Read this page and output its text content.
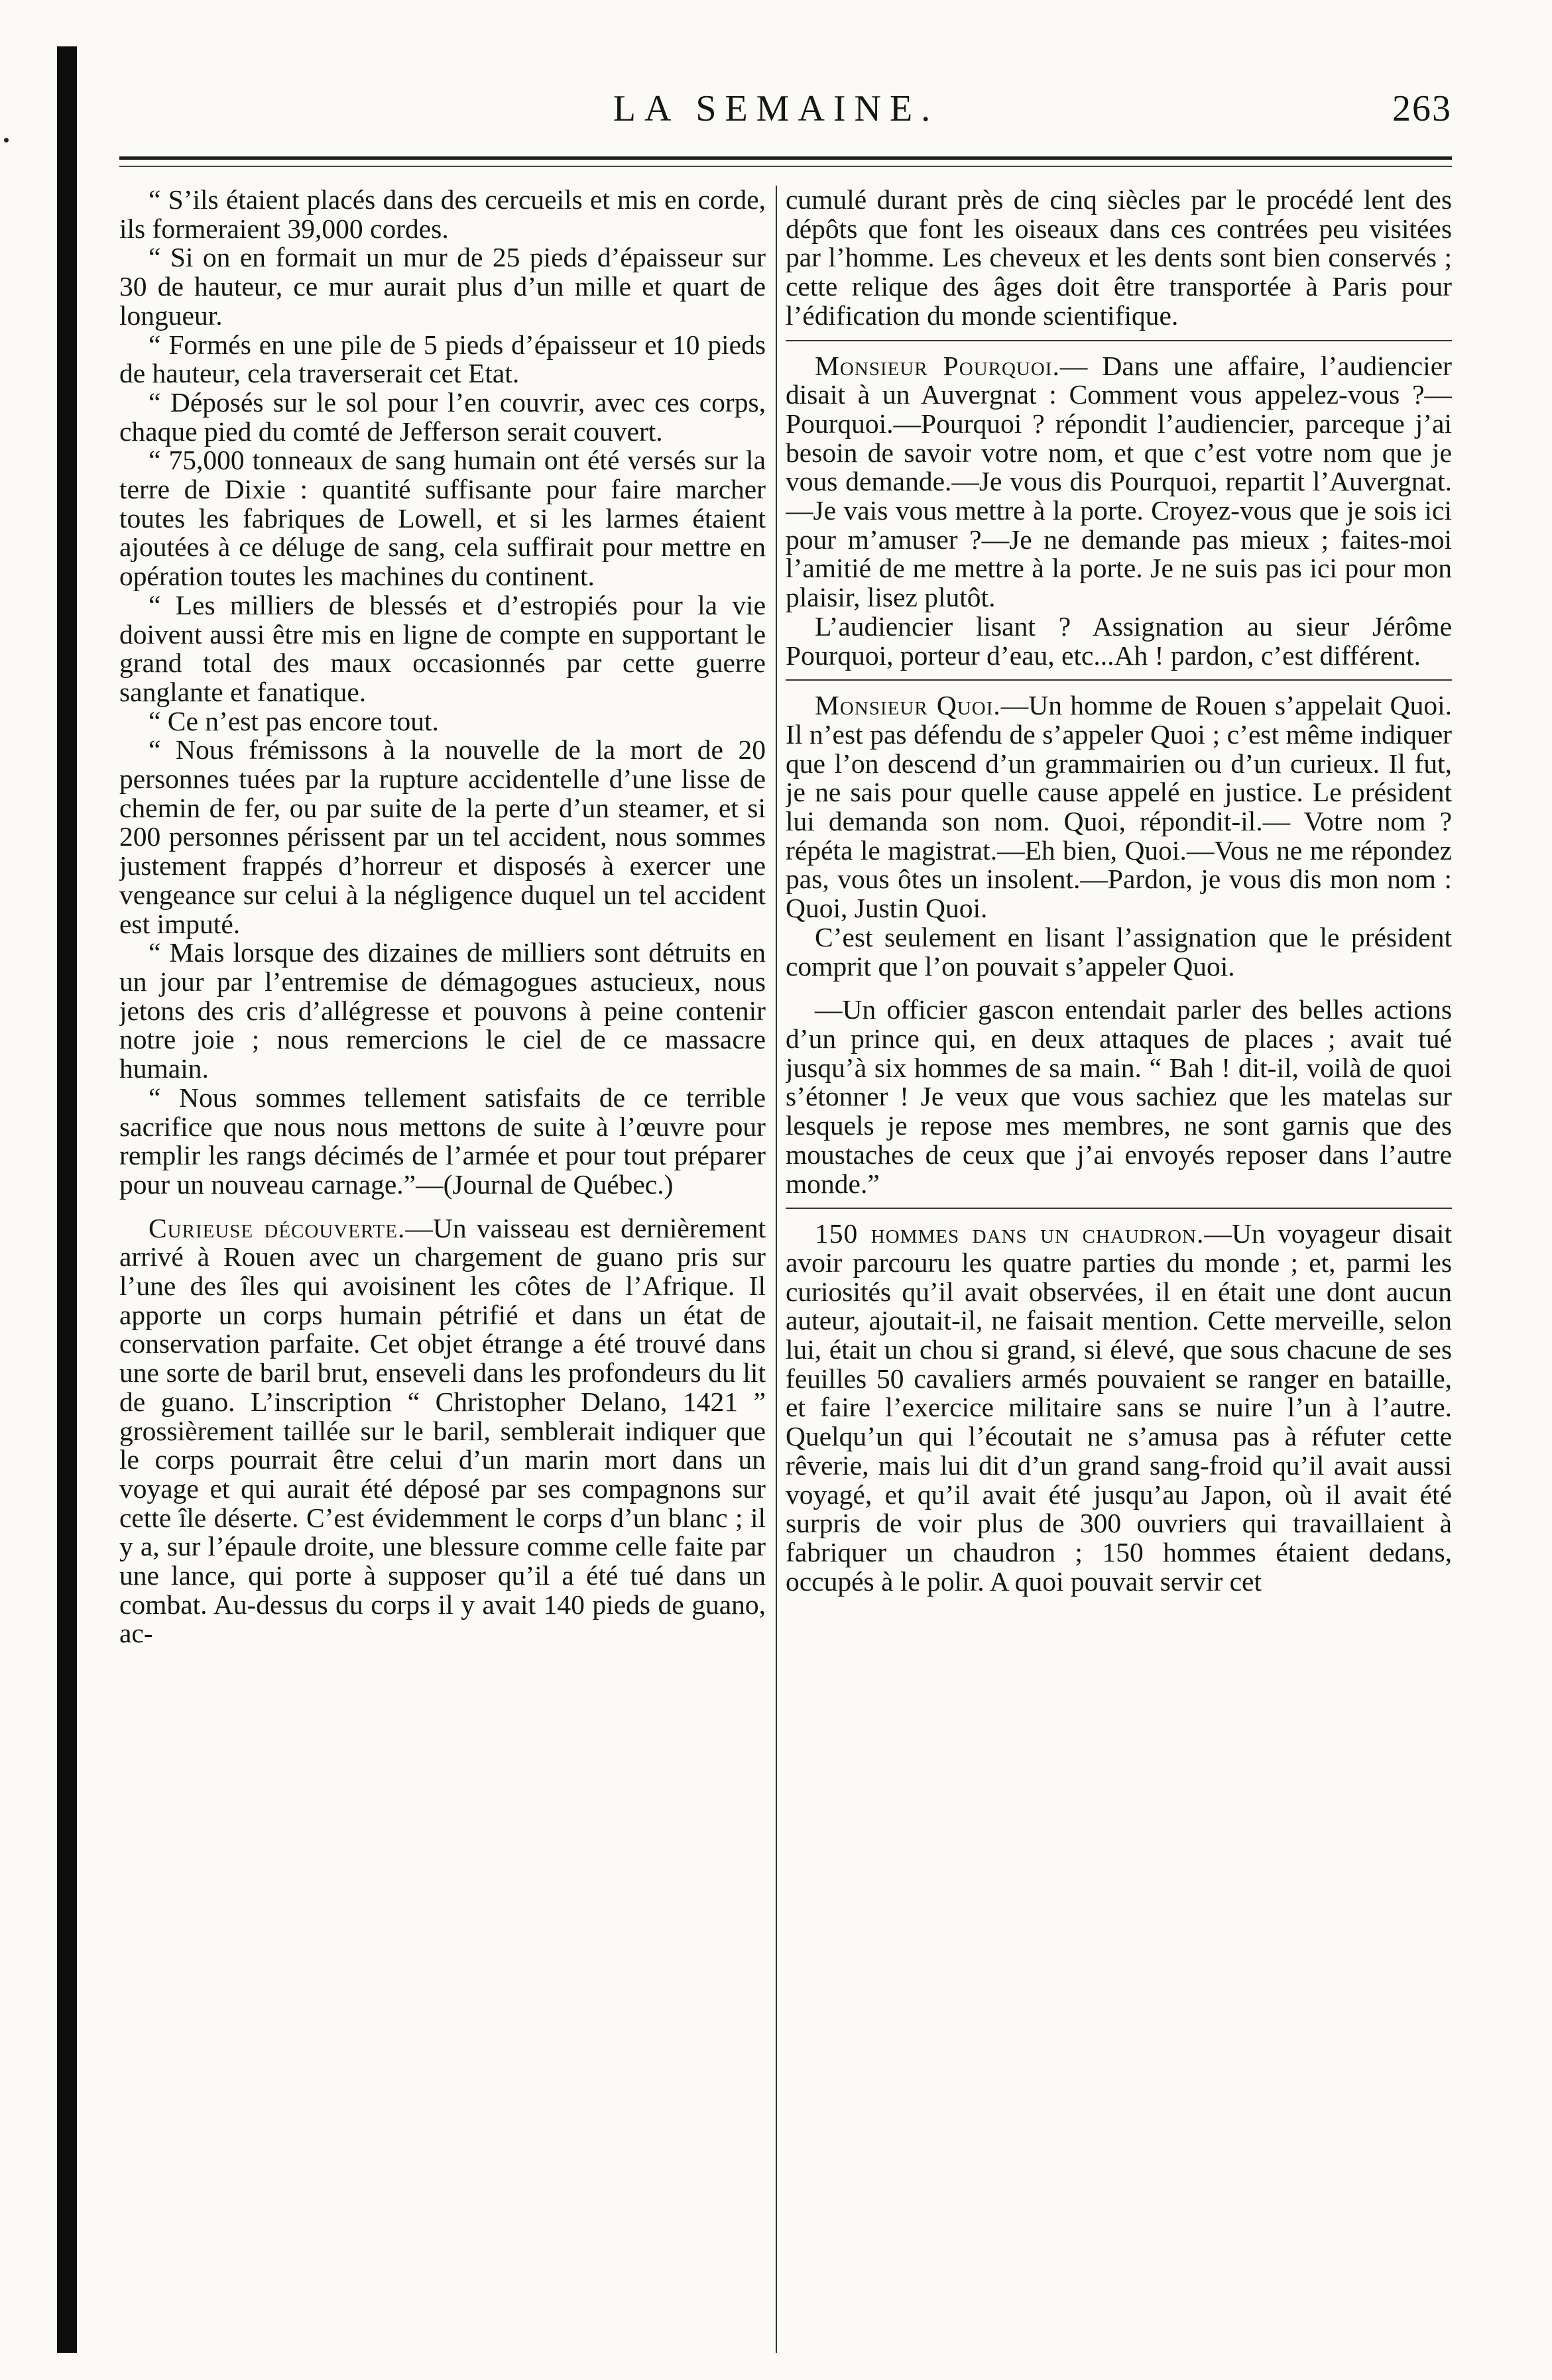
LA SEMAINE.	263

“ S’ils étaient placés dans des cercueils et mis en corde, ils formeraient 39,000 cordes.

“ Si on en formait un mur de 25 pieds d’épaisseur sur 30 de hauteur, ce mur aurait plus d’un mille et quart de longueur.

“ Formés en une pile de 5 pieds d’épaisseur et 10 pieds de hauteur, cela traverserait cet Etat.

“ Déposés sur le sol pour l’en couvrir, avec ces corps, chaque pied du comté de Jefferson serait couvert.

“ 75,000 tonneaux de sang humain ont été versés sur la terre de Dixie : quantité suffisante pour faire marcher toutes les fabriques de Lowell, et si les larmes étaient ajoutées à ce déluge de sang, cela suffirait pour mettre en opération toutes les machines du continent.

“ Les milliers de blessés et d’estropiés pour la vie doivent aussi être mis en ligne de compte en supportant le grand total des maux occasionnés par cette guerre sanglante et fanatique.

“ Ce n’est pas encore tout.

“ Nous frémissons à la nouvelle de la mort de 20 personnes tuées par la rupture accidentelle d’une lisse de chemin de fer, ou par suite de la perte d’un steamer, et si 200 personnes périssent par un tel accident, nous sommes justement frappés d’horreur et disposés à exercer une vengeance sur celui à la négligence duquel un tel accident est imputé.

“ Mais lorsque des dizaines de milliers sont détruits en un jour par l’entremise de démagogues astucieux, nous jetons des cris d’allégresse et pouvons à peine contenir notre joie ; nous remercions le ciel de ce massacre humain.

“ Nous sommes tellement satisfaits de ce terrible sacrifice que nous nous mettons de suite à l’œuvre pour remplir les rangs décimés de l’armée et pour tout préparer pour un nouveau carnage.”—(Journal de Québec.)

Curieuse découverte.—Un vaisseau est dernièrement arrivé à Rouen avec un chargement de guano pris sur l’une des îles qui avoisinent les côtes de l’Afrique. Il apporte un corps humain pétrifié et dans un état de conservation parfaite. Cet objet étrange a été trouvé dans une sorte de baril brut, enseveli dans les profondeurs du lit de guano. L’inscription “ Christopher Delano, 1421 ” grossièrement taillée sur le baril, semblerait indiquer que le corps pourrait être celui d’un marin mort dans un voyage et qui aurait été déposé par ses compagnons sur cette île déserte. C’est évidemment le corps d’un blanc ; il y a, sur l’épaule droite, une blessure comme celle faite par une lance, qui porte à supposer qu’il a été tué dans un combat. Au-dessus du corps il y avait 140 pieds de guano, ac-

cumulé durant près de cinq siècles par le procédé lent des dépôts que font les oiseaux dans ces contrées peu visitées par l’homme. Les cheveux et les dents sont bien conservés ; cette relique des âges doit être transportée à Paris pour l’édification du monde scientifique.

Monsieur Pourquoi.— Dans une affaire, l’audiencier disait à un Auvergnat : Comment vous appelez-vous ?— Pourquoi.—Pourquoi ? répondit l’audiencier, parceque j’ai besoin de savoir votre nom, et que c’est votre nom que je vous demande.—Je vous dis Pourquoi, repartit l’Auvergnat.—Je vais vous mettre à la porte. Croyez-vous que je sois ici pour m’amuser ?—Je ne demande pas mieux ; faites-moi l’amitié de me mettre à la porte. Je ne suis pas ici pour mon plaisir, lisez plutôt.

L’audiencier lisant ? Assignation au sieur Jérôme Pourquoi, porteur d’eau, etc...Ah ! pardon, c’est différent.

Monsieur Quoi.—Un homme de Rouen s’appelait Quoi. Il n’est pas défendu de s’appeler Quoi ; c’est même indiquer que l’on descend d’un grammairien ou d’un curieux. Il fut, je ne sais pour quelle cause appelé en justice. Le président lui demanda son nom. Quoi, répondit-il.— Votre nom ? répéta le magistrat.—Eh bien, Quoi.—Vous ne me répondez pas, vous ôtes un insolent.—Pardon, je vous dis mon nom : Quoi, Justin Quoi.

C’est seulement en lisant l’assignation que le président comprit que l’on pouvait s’appeler Quoi.

—Un officier gascon entendait parler des belles actions d’un prince qui, en deux attaques de places ; avait tué jusqu’à six hommes de sa main. “ Bah ! dit-il, voilà de quoi s’étonner ! Je veux que vous sachiez que les matelas sur lesquels je repose mes membres, ne sont garnis que des moustaches de ceux que j’ai envoyés reposer dans l’autre monde.”

150 hommes dans un chaudron.—Un voyageur disait avoir parcouru les quatre parties du monde ; et, parmi les curiosités qu’il avait observées, il en était une dont aucun auteur, ajoutait-il, ne faisait mention. Cette merveille, selon lui, était un chou si grand, si élevé, que sous chacune de ses feuilles 50 cavaliers armés pouvaient se ranger en bataille, et faire l’exercice militaire sans se nuire l’un à l’autre. Quelqu’un qui l’écoutait ne s’amusa pas à réfuter cette rêverie, mais lui dit d’un grand sang-froid qu’il avait aussi voyagé, et qu’il avait été jusqu’au Japon, où il avait été surpris de voir plus de 300 ouvriers qui travaillaient à fabriquer un chaudron ; 150 hommes étaient dedans, occupés à le polir. A quoi pouvait servir cet
